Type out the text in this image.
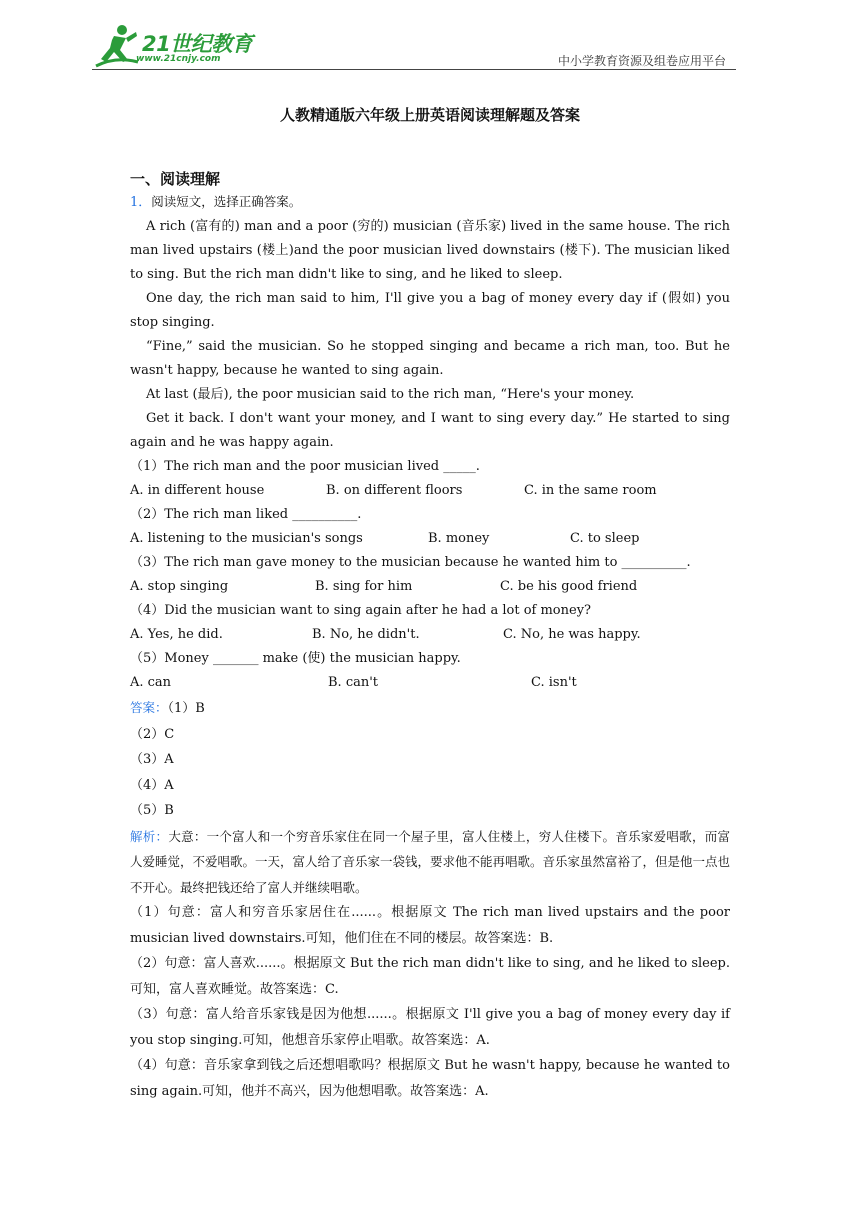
21世纪教育
www.21cnjy.com	中小学教育资源及组卷应用平台
人教精通版六年级上册英语阅读理解题及答案
一、阅读理解

1．阅读短文，选择正确答案。

A rich (富有的) man and a poor (穷的) musician (音乐家) lived in the same house. The rich man lived upstairs (楼上)and the poor musician lived downstairs (楼下). The musician liked to sing. But the rich man didn't like to sing, and he liked to sleep.

One day, the rich man said to him, I'll give you a bag of money every day if (假如) you stop singing.

“Fine,” said the musician. So he stopped singing and became a rich man, too. But he wasn't happy, because he wanted to sing again.

At last (最后), the poor musician said to the rich man, “Here's your money.

Get it back. I don't want your money, and I want to sing every day.” He started to sing again and he was happy again.

（1）The rich man and the poor musician lived _____.

A. in different house	B. on different floors	C. in the same room

（2）The rich man liked __________.

A. listening to the musician's songs	B. money	C. to sleep

（3）The rich man gave money to the musician because he wanted him to __________.

A. stop singing	B. sing for him	C. be his good friend

（4）Did the musician want to sing again after he had a lot of money?

A. Yes, he did.	B. No, he didn't.	C. No, he was happy.

（5）Money _______ make (使) the musician happy.

A. can	B. can't	C. isn't

答案：（1）B

（2）C

（3）A

（4）A

（5）B

解析：大意：一个富人和一个穷音乐家住在同一个屋子里，富人住楼上，穷人住楼下。音乐家爱唱歌，而富人爱睡觉，不爱唱歌。一天，富人给了音乐家一袋钱，要求他不能再唱歌。音乐家虽然富裕了，但是他一点也不开心。最终把钱还给了富人并继续唱歌。

（1）句意：富人和穷音乐家居住在......。根据原文 The rich man lived upstairs and the poor musician lived downstairs.可知，他们住在不同的楼层。故答案选：B.

（2）句意：富人喜欢......。根据原文 But the rich man didn't like to sing, and he liked to sleep.可知，富人喜欢睡觉。故答案选：C.

（3）句意：富人给音乐家钱是因为他想......。根据原文 I'll give you a bag of money every day if you stop singing.可知，他想音乐家停止唱歌。故答案选：A.

（4）句意：音乐家拿到钱之后还想唱歌吗？根据原文 But he wasn't happy, because he wanted to sing again.可知，他并不高兴，因为他想唱歌。故答案选：A.
